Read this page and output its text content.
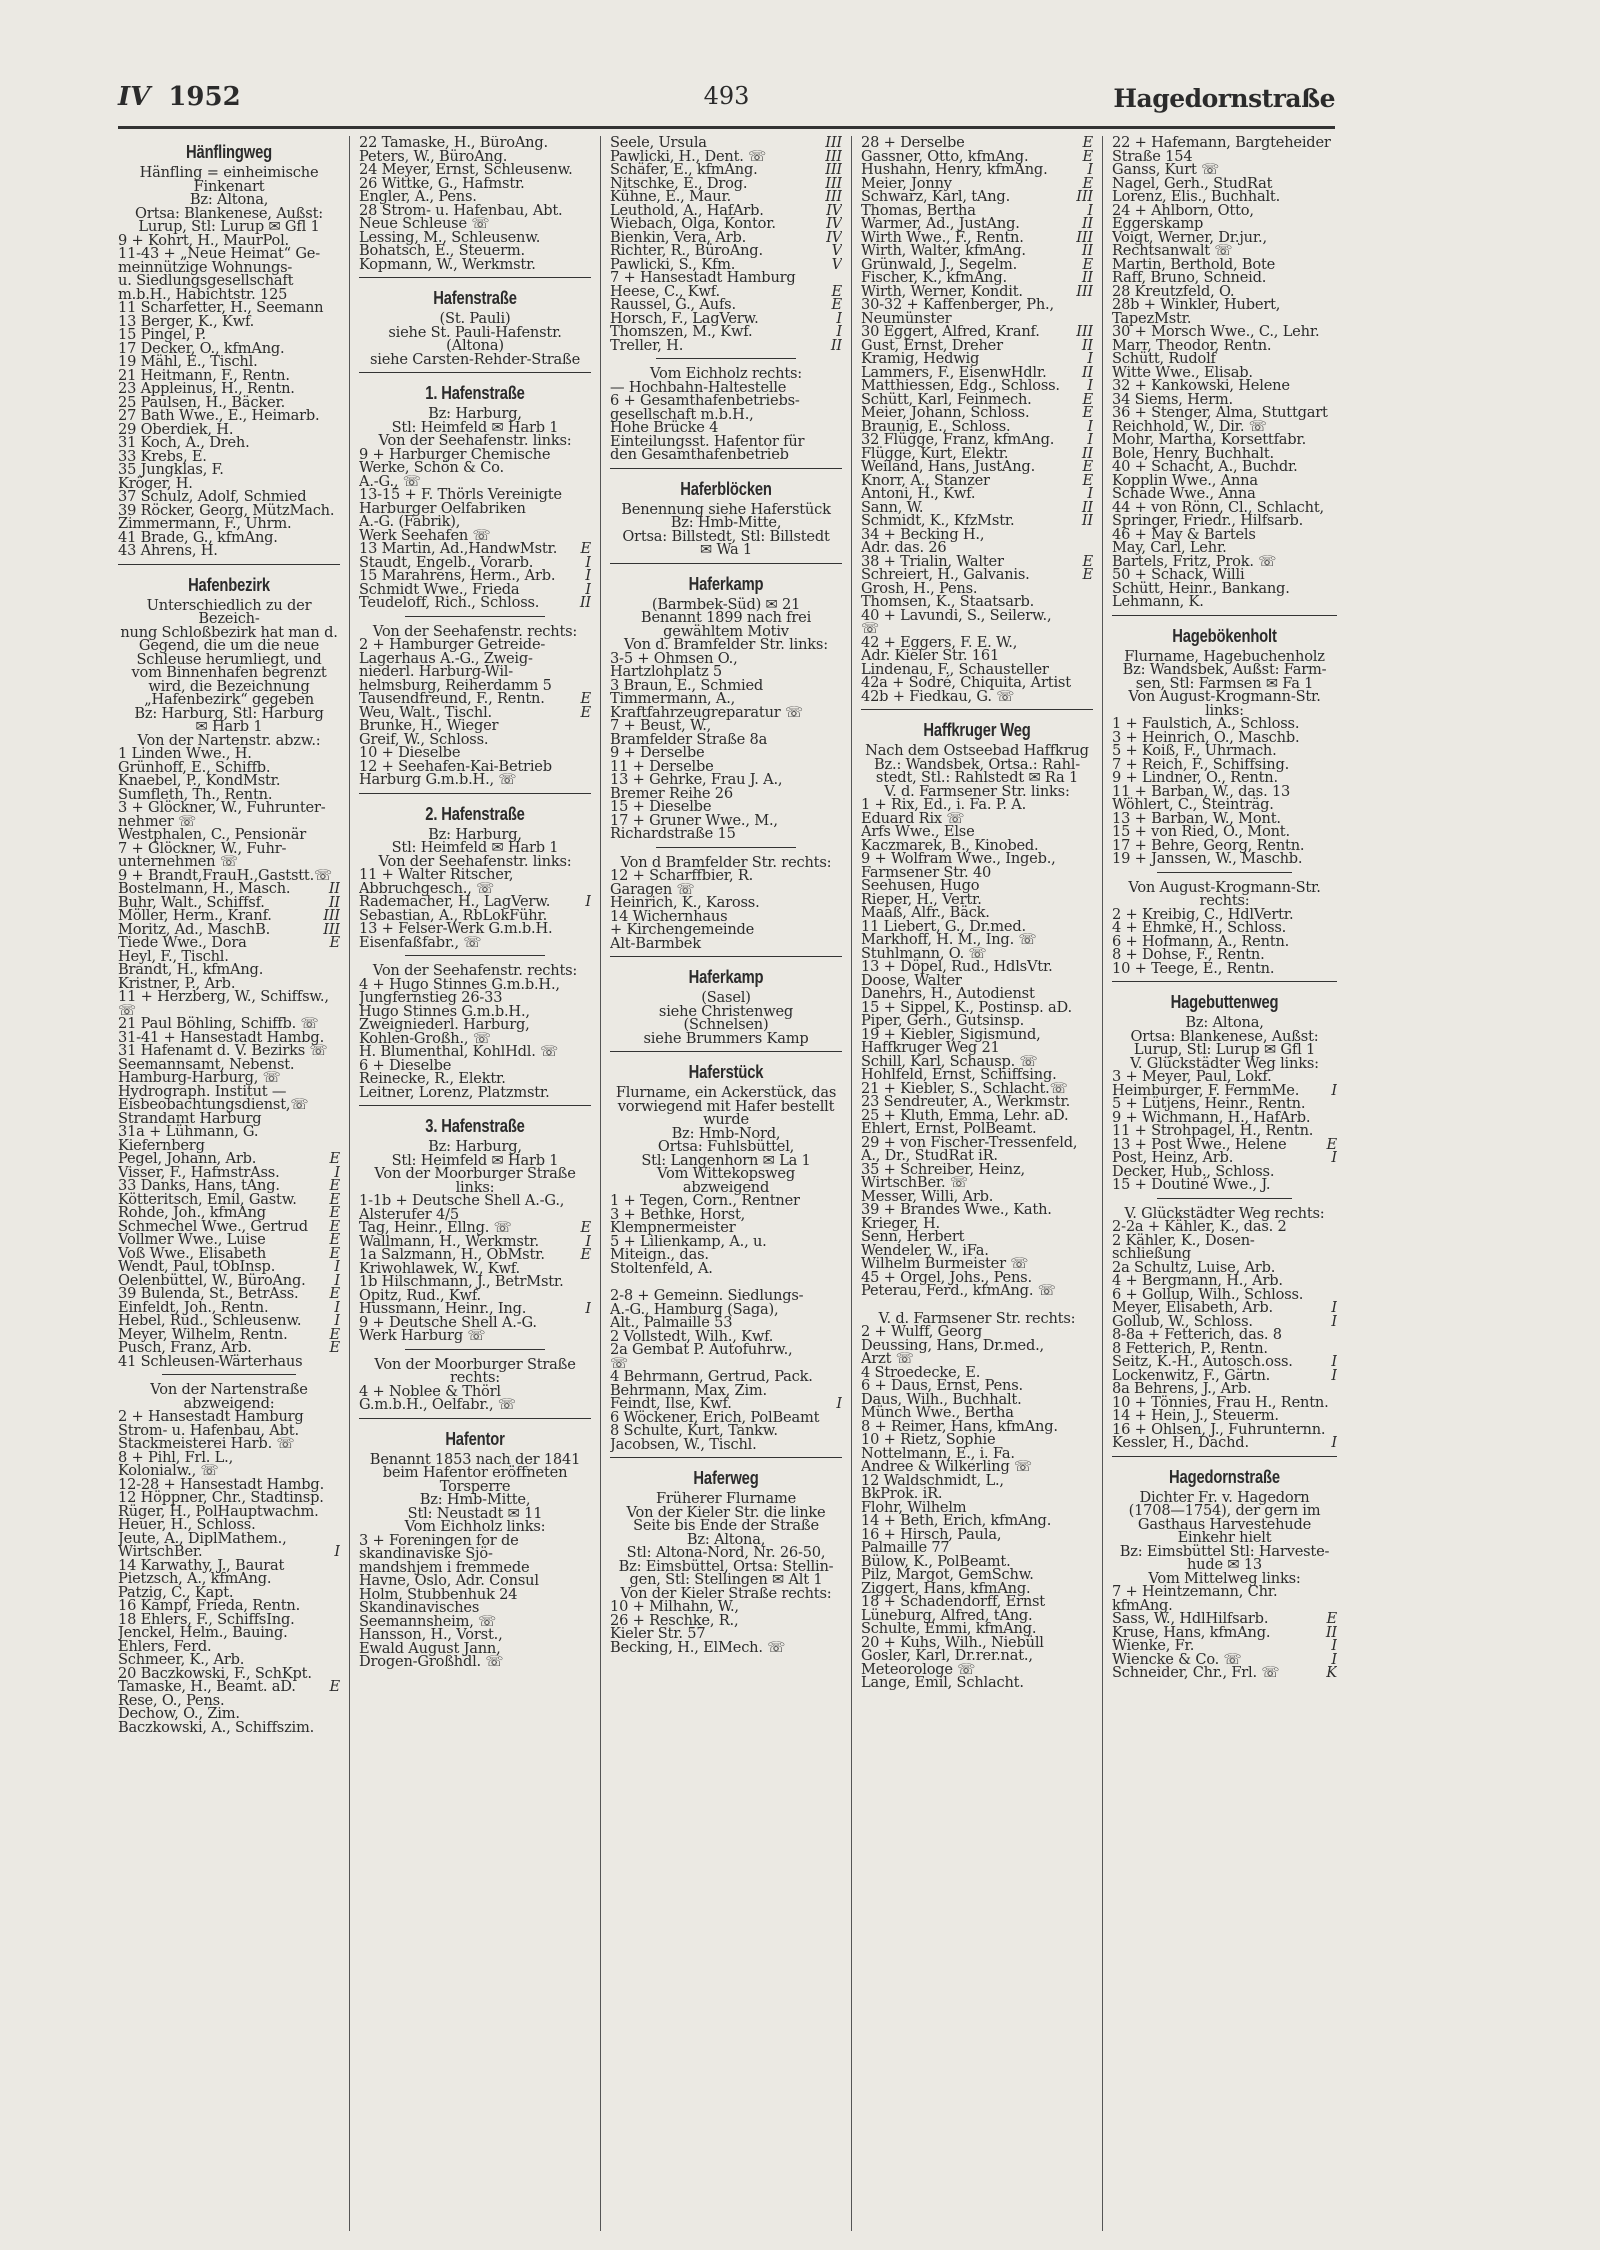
IV 1952	493	Hagedornstraße
Hänflingweg
Hänfling = einheimische
Finkenart
Bz: Altona,
Ortsa: Blankenese, Außst:
Lurup, Stl: Lurup ✉ Gfl 1
9 + Kohrt, H., MaurPol.
11-43 + „Neue Heimat“ Ge-
meinnützige Wohnungs-
u. Siedlungsgesellschaft
m.b.H., Habichtstr. 125
11 Scharfetter, H., Seemann
13 Berger, K., Kwf.
15 Pingel, P.
17 Decker, O., kfmAng.
19 Mähl, E., Tischl.
21 Heitmann, F., Rentn.
23 Appleinus, H., Rentn.
25 Paulsen, H., Bäcker.
27 Bath Wwe., E., Heimarb.
29 Oberdiek, H.
31 Koch, A., Dreh.
33 Krebs, E.
35 Jungklas, F.
Kröger, H.
37 Schulz, Adolf, Schmied
39 Röcker, Georg, MützMach.
Zimmermann, F., Uhrm.
41 Brade, G., kfmAng.
43 Ahrens, H.
Hafenbezirk
Unterschiedlich zu der Bezeich-
nung Schloßbezirk hat man d.
Gegend, die um die neue
Schleuse herumliegt, und
vom Binnenhafen begrenzt
wird, die Bezeichnung
„Hafenbezirk“ gegeben
Bz: Harburg, Stl: Harburg
✉ Harb 1
Von der Nartenstr. abzw.:
1 Linden Wwe., H.
Grünhoff, E., Schiffb.
Knaebel, P., KondMstr.
Sumfleth, Th., Rentn.
3 + Glöckner, W., Fuhrunter-
nehmer ☏
Westphalen, C., Pensionär
7 + Glöckner, W., Fuhr-
unternehmen ☏
9 + Brandt,FrauH.,Gaststt.☏
Bostelmann, H., Masch.	II
Buhr, Walt., Schiffsf.	II
Möller, Herm., Kranf.	III
Moritz, Ad., MaschB.	III
Tiede Wwe., Dora	E
Heyl, F., Tischl.
Brandt, H., kfmAng.
Kristner, P., Arb.
11 + Herzberg, W., Schiffsw.,
☏
21 Paul Böhling, Schiffb. ☏
31-41 + Hansestadt Hambg.
31 Hafenamt d. V. Bezirks ☏
Seemannsamt, Nebenst.
Hamburg-Harburg, ☏
Hydrograph. Institut —
Eisbeobachtungsdienst,☏
Strandamt Harburg
31a + Lühmann, G.
Kiefernberg
Pegel, Johann, Arb.	E
Visser, F., HafmstrAss.	I
33 Danks, Hans, tAng.	E
Kötteritsch, Emil, Gastw. E
Rohde, Joh., kfmAng	E
Schmechel Wwe., Gertrud E
Vollmer Wwe., Luise	E
Voß Wwe., Elisabeth	E
Wendt, Paul, tObInsp.	I
Oelenbüttel, W., BüroAng. I
39 Bulenda, St., BetrAss. E
Einfeldt, Joh., Rentn.	I
Hebel, Rud., Schleusenw. I
Meyer, Wilhelm, Rentn.	E
Pusch, Franz, Arb.	E
41 Schleusen-Wärterhaus
Von der Nartenstraße
abzweigend:
2 + Hansestadt Hamburg
Strom- u. Hafenbau, Abt.
Stackmeisterei Harb. ☏
8 + Pihl, Frl. L.,
Kolonialw., ☏
12-28 + Hansestadt Hambg.
12 Höppner, Chr., Stadtinsp.
Rüger, H., PolHauptwachm.
Heuer, H., Schloss.
Jeute, A., DiplMathem.,
WirtschBer.	I
14 Karwathy, J., Baurat
Pietzsch, A., kfmAng.
Patzig, C., Kapt.
16 Kampf, Frieda, Rentn.
18 Ehlers, F., SchiffsIng.
Jenckel, Helm., Bauing.
Ehlers, Ferd.
Schmeer, K., Arb.
20 Baczkowski, F., SchKpt.
Tamaske, H., Beamt. aD. E
Rese, O., Pens.
Dechow, O., Zim.
Baczkowski, A., Schiffszim.
22 Tamaske, H., BüroAng.
Peters, W., BüroAng.
24 Meyer, Ernst, Schleusenw.
26 Wittke, G., Hafmstr.
Engler, A., Pens.
28 Strom- u. Hafenbau, Abt.
Neue Schleuse ☏
Lessing, M., Schleusenw.
Bohatsch, E., Steuerm.
Kopmann, W., Werkmstr.
Hafenstraße
(St. Pauli)
siehe St. Pauli-Hafenstr.
(Altona)
siehe Carsten-Rehder-Straße
1. Hafenstraße
Bz: Harburg,
Stl: Heimfeld ✉ Harb 1
Von der Seehafenstr. links:
9 + Harburger Chemische
Werke, Schön & Co.
A.-G., ☏
13-15 + F. Thörls Vereinigte
Harburger Oelfabriken
A.-G. (Fabrik),
Werk Seehafen ☏
13 Martin, Ad.,HandwMstr. E
Staudt, Engelb., Vorarb.	I
15 Marahrens, Herm., Arb. I
Schmidt Wwe., Frieda	I
Teudeloff, Rich., Schloss.	II
Von der Seehafenstr. rechts:
2 + Hamburger Getreide-
Lagerhaus A.-G., Zweig-
niederl. Harburg-Wil-
helmsburg, Reiherdamm 5
Tausendfreund, F., Rentn. E
Weu, Walt., Tischl.	E
Brunke, H., Wieger
Greif, W., Schloss.
10 + Dieselbe
12 + Seehafen-Kai-Betrieb
Harburg G.m.b.H., ☏
2. Hafenstraße
Bz: Harburg,
Stl: Heimfeld ✉ Harb 1
Von der Seehafenstr. links:
11 + Walter Ritscher,
Abbruchgesch., ☏
Rademacher, H., LagVerw. I
Sebastian, A., RbLokFühr.
13 + Felser-Werk G.m.b.H.
Eisenfaßfabr., ☏
Von der Seehafenstr. rechts:
4 + Hugo Stinnes G.m.b.H.,
Jungfernstieg 26-33
Hugo Stinnes G.m.b.H.,
Zweigniederl. Harburg,
Kohlen-Großh., ☏
H. Blumenthal, KohlHdl. ☏
6 + Dieselbe
Reinecke, R., Elektr.
Leitner, Lorenz, Platzmstr.
3. Hafenstraße
Bz: Harburg,
Stl: Heimfeld ✉ Harb 1
Von der Moorburger Straße
links:
1-1b + Deutsche Shell A.-G.,
Alsterufer 4/5
Tag, Heinr., Ellng. ☏	E
Wallmann, H., Werkmstr.	I
1a Salzmann, H., ObMstr. E
Kriwohlawek, W., Kwf.
1b Hilschmann, J., BetrMstr.
Opitz, Rud., Kwf.
Hussmann, Heinr., Ing.	I
9 + Deutsche Shell A.-G.
Werk Harburg ☏
Von der Moorburger Straße
rechts:
4 + Noblee & Thörl
G.m.b.H., Oelfabr., ☏
Hafentor
Benannt 1853 nach der 1841
beim Hafentor eröffneten
Torsperre
Bz: Hmb-Mitte,
Stl: Neustadt ✉ 11
Vom Eichholz links:
3 + Foreningen for de
skandinaviske Sjö-
mandshjem i fremmede
Havne, Oslo, Adr. Consul
Holm, Stubbenhuk 24
Skandinavisches
Seemannsheim, ☏
Hansson, H., Vorst.,
Ewald August Jann,
Drogen-Großhdl. ☏
Seele, Ursula	III
Pawlicki, H., Dent. ☏	III
Schäfer, E., kfmAng.	III
Nitschke, E., Drog.	III
Kühne, E., Maur.	III
Leuthold, A., HafArb.	IV
Wiebach, Olga, Kontor.	IV
Bienkin, Vera, Arb.	IV
Richter, R., BüroAng.	V
Pawlicki, S., Kfm.	V
7 + Hansestadt Hamburg
Heese, C., Kwf.	E
Raussel, G., Aufs.	E
Horsch, F., LagVerw.	I
Thomszen, M., Kwf.	I
Treller, H.	II
Vom Eichholz rechts:
— Hochbahn-Haltestelle
6 + Gesamthafenbetriebs-
gesellschaft m.b.H.,
Hohe Brücke 4
Einteilungsst. Hafentor für
den Gesamthafenbetrieb
Haferblöcken
Benennung siehe Haferstück
Bz: Hmb-Mitte,
Ortsa: Billstedt, Stl: Billstedt
✉ Wa 1
Haferkamp
(Barmbek-Süd) ✉ 21
Benannt 1899 nach frei
gewähltem Motiv
Von d. Bramfelder Str. links:
3-5 + Ohmsen O.,
Hartzlohplatz 5
3 Braun, E., Schmied
Timmermann, A.,
Kraftfahrzeugreparatur ☏
7 + Beust, W.,
Bramfelder Straße 8a
9 + Derselbe
11 + Derselbe
13 + Gehrke, Frau J. A.,
Bremer Reihe 26
15 + Dieselbe
17 + Gruner Wwe., M.,
Richardstraße 15
Von d Bramfelder Str. rechts:
12 + Scharffbier, R.
Garagen ☏
Heinrich, K., Kaross.
14 Wichernhaus
+ Kirchengemeinde
Alt-Barmbek
Haferkamp
(Sasel)
siehe Christenweg
(Schnelsen)
siehe Brummers Kamp
Haferstück
Flurname, ein Ackerstück, das
vorwiegend mit Hafer bestellt
wurde
Bz: Hmb-Nord,
Ortsa: Fuhlsbüttel,
Stl: Langenhorn ✉ La 1
Vom Wittekopsweg
abzweigend
1 + Tegen, Corn., Rentner
3 + Bethke, Horst,
Klempnermeister
5 + Lilienkamp, A., u.
Miteign., das.
Stoltenfeld, A.
2-8 + Gemeinn. Siedlungs-
A.-G., Hamburg (Saga),
Alt., Palmaille 53
2 Vollstedt, Wilh., Kwf.
2a Gembat P. Autofuhrw.,
☏
4 Behrmann, Gertrud, Pack.
Behrmann, Max, Zim.
Feindt, Ilse, Kwf.	I
6 Wöckener, Erich, PolBeamt
8 Schulte, Kurt, Tankw.
Jacobsen, W., Tischl.
Haferweg
Früherer Flurname
Von der Kieler Str. die linke
Seite bis Ende der Straße
Bz: Altona,
Stl: Altona-Nord, Nr. 26-50,
Bz: Eimsbüttel, Ortsa: Stellin-
gen, Stl: Stellingen ✉ Alt 1
Von der Kieler Straße rechts:
10 + Milhahn, W.,
26 + Reschke, R.,
Kieler Str. 57
Becking, H., ElMech. ☏
28 + Derselbe	E
Gassner, Otto, kfmAng.	E
Hushahn, Henry, kfmAng.	I
Meier, Jonny	E
Schwarz, Karl, tAng.	III
Thomas, Bertha	I
Warmer, Ad., JustAng.	II
Wirth Wwe., F., Rentn.	III
Wirth, Walter, kfmAng.	II
Grünwald, J., Segelm.	E
Fischer, K., kfmAng.	II
Wirth, Werner, Kondit.	III
30-32 + Kaffenberger, Ph.,
Neumünster
30 Eggert, Alfred, Kranf.	III
Gust, Ernst, Dreher	II
Kramig, Hedwig	I
Lammers, F., EisenwHdlr. II
Matthiessen, Edg., Schloss. I
Schütt, Karl, Feinmech.	E
Meier, Johann, Schloss.	E
Braunig, E., Schloss.	I
32 Flügge, Franz, kfmAng. I
Flügge, Kurt, Elektr.	II
Weiland, Hans, JustAng.	E
Knorr, A., Stanzer	E
Antoni, H., Kwf.	I
Sann, W.	II
Schmidt, K., KfzMstr.	II
34 + Becking H.,
Adr. das. 26
38 + Trialin, Walter	E
Schreiert, H., Galvanis.	E
Grosh, H., Pens.
Thomsen, K., Staatsarb.
40 + Lavundi, S., Seilerw.,
☏
42 + Eggers, F. E. W.,
Adr. Kieler Str. 161
Lindenau, F., Schausteller
42a + Sodré, Chiquita, Artist
42b + Fiedkau, G. ☏
Haffkruger Weg
Nach dem Ostseebad Haffkrug
Bz.: Wandsbek, Ortsa.: Rahl-
stedt, Stl.: Rahlstedt ✉ Ra 1
V. d. Farmsener Str. links:
1 + Rix, Ed., i. Fa. P. A.
Eduard Rix ☏
Arfs Wwe., Else
Kaczmarek, B., Kinobed.
9 + Wolfram Wwe., Ingeb.,
Farmsener Str. 40
Seehusen, Hugo
Rieper, H., Vertr.
Maaß, Alfr., Bäck.
11 Liebert, G., Dr.med.
Markhoff, H. M., Ing. ☏
Stuhlmann, O. ☏
13 + Döpel, Rud., HdlsVtr.
Doose, Walter
Danehrs, H., Autodienst
15 + Sippel, K., Postinsp. aD.
Piper, Gerh., Gutsinsp.
19 + Kiebler, Sigismund,
Haffkruger Weg 21
Schill, Karl, Schausp. ☏
Hohlfeld, Ernst, Schiffsing.
21 + Kiebler, S., Schlacht.☏
23 Sendreuter, A., Werkmstr.
25 + Kluth, Emma, Lehr. aD.
Ehlert, Ernst, PolBeamt.
29 + von Fischer-Tressenfeld,
A., Dr., StudRat iR.
35 + Schreiber, Heinz,
WirtschBer. ☏
Messer, Willi, Arb.
39 + Brandes Wwe., Kath.
Krieger, H.
Senn, Herbert
Wendeler, W., iFa.
Wilhelm Burmeister ☏
45 + Orgel, Johs., Pens.
Peterau, Ferd., kfmAng. ☏
V. d. Farmsener Str. rechts:
2 + Wulff, Georg
Deussing, Hans, Dr.med.,
Arzt ☏
4 Stroedecke, E.
6 + Daus, Ernst, Pens.
Daus, Wilh., Buchhalt.
Münch Wwe., Bertha
8 + Reimer, Hans, kfmAng.
10 + Rietz, Sophie
Nottelmann, E., i. Fa.
Andree & Wilkerling ☏
12 Waldschmidt, L.,
BkProk. iR.
Flohr, Wilhelm
14 + Beth, Erich, kfmAng.
16 + Hirsch, Paula,
Palmaille 77
Bülow, K., PolBeamt.
Pilz, Margot, GemSchw.
Ziggert, Hans, kfmAng.
18 + Schadendorff, Ernst
Lüneburg, Alfred, tAng.
Schulte, Emmi, kfmAng.
20 + Kuhs, Wilh., Niebüll
Gosler, Karl, Dr.rer.nat.,
Meteorologe ☏
Lange, Emil, Schlacht.
22 + Hafemann, Bargteheider
Straße 154
Ganss, Kurt ☏
Nagel, Gerh., StudRat
Lorenz, Elis., Buchhalt.
24 + Ahlborn, Otto,
Eggerskamp
Voigt, Werner, Dr.jur.,
Rechtsanwalt ☏
Martin, Berthold, Bote
Raff, Bruno, Schneid.
28 Kreutzfeld, O.
28b + Winkler, Hubert,
TapezMstr.
30 + Morsch Wwe., C., Lehr.
Marr, Theodor, Rentn.
Schütt, Rudolf
Witte Wwe., Elisab.
32 + Kankowski, Helene
34 Siems, Herm.
36 + Stenger, Alma, Stuttgart
Reichhold, W., Dir. ☏
Mohr, Martha, Korsettfabr.
Bole, Henry, Buchhalt.
40 + Schacht, A., Buchdr.
Kopplin Wwe., Anna
Schade Wwe., Anna
44 + von Rönn, Cl., Schlacht,
Springer, Friedr., Hilfsarb.
46 + May & Bartels
May, Carl, Lehr.
Bartels, Fritz, Prok. ☏
50 + Schack, Willi
Schütt, Heinr., Bankang.
Lehmann, K.
Hagebökenholt
Flurname, Hagebuchenholz
Bz: Wandsbek, Außst: Farm-
sen, Stl: Farmsen ✉ Fa 1
Von August-Krogmann-Str.
links:
1 + Faulstich, A., Schloss.
3 + Heinrich, O., Maschb.
5 + Koiß, F., Uhrmach.
7 + Reich, F., Schiffsing.
9 + Lindner, O., Rentn.
11 + Barban, W., das. 13
Wöhlert, C., Steinträg.
13 + Barban, W., Mont.
15 + von Ried, O., Mont.
17 + Behre, Georg, Rentn.
19 + Janssen, W., Maschb.
Von August-Krogmann-Str.
rechts:
2 + Kreibig, C., HdlVertr.
4 + Ehmke, H., Schloss.
6 + Hofmann, A., Rentn.
8 + Dohse, F., Rentn.
10 + Teege, E., Rentn.
Hagebuttenweg
Bz: Altona,
Ortsa: Blankenese, Außst:
Lurup, Stl: Lurup ✉ Gfl 1
V. Glückstädter Weg links:
3 + Meyer, Paul, Lokf.
Heimburger, F. FernmMe. I
5 + Lütjens, Heinr., Rentn.
9 + Wichmann, H., HafArb.
11 + Strohpagel, H., Rentn.
13 + Post Wwe., Helene	E
Post, Heinz, Arb.	I
Decker, Hub., Schloss.
15 + Doutiné Wwe., J.
V. Glückstädter Weg rechts:
2-2a + Kähler, K., das. 2
2 Kähler, K., Dosen-
schließung
2a Schultz, Luise, Arb.
4 + Bergmann, H., Arb.
6 + Gollup, Wilh., Schloss.
Meyer, Elisabeth, Arb.	I
Gollub, W., Schloss.	I
8-8a + Fetterich, das. 8
8 Fetterich, P., Rentn.
Seitz, K.-H., Autosch.oss.	I
Lockenwitz, F., Gärtn.	I
8a Behrens, J., Arb.
10 + Tönnies, Frau H., Rentn.
14 + Hein, J., Steuerm.
16 + Ohlsen, J., Fuhrunternn.
Kessler, H., Dachd.	I
Hagedornstraße
Dichter Fr. v. Hagedorn
(1708—1754), der gern im
Gasthaus Harvestehude
Einkehr hielt
Bz: Eimsbüttel Stl: Harveste-
hude ✉ 13
Vom Mittelweg links:
7 + Heintzemann, Chr.
kfmAng.
Sass, W., HdlHilfsarb.	E
Kruse, Hans, kfmAng.	II
Wienke, Fr.	I
Wiencke & Co. ☏	I
Schneider, Chr., Frl. ☏	K
